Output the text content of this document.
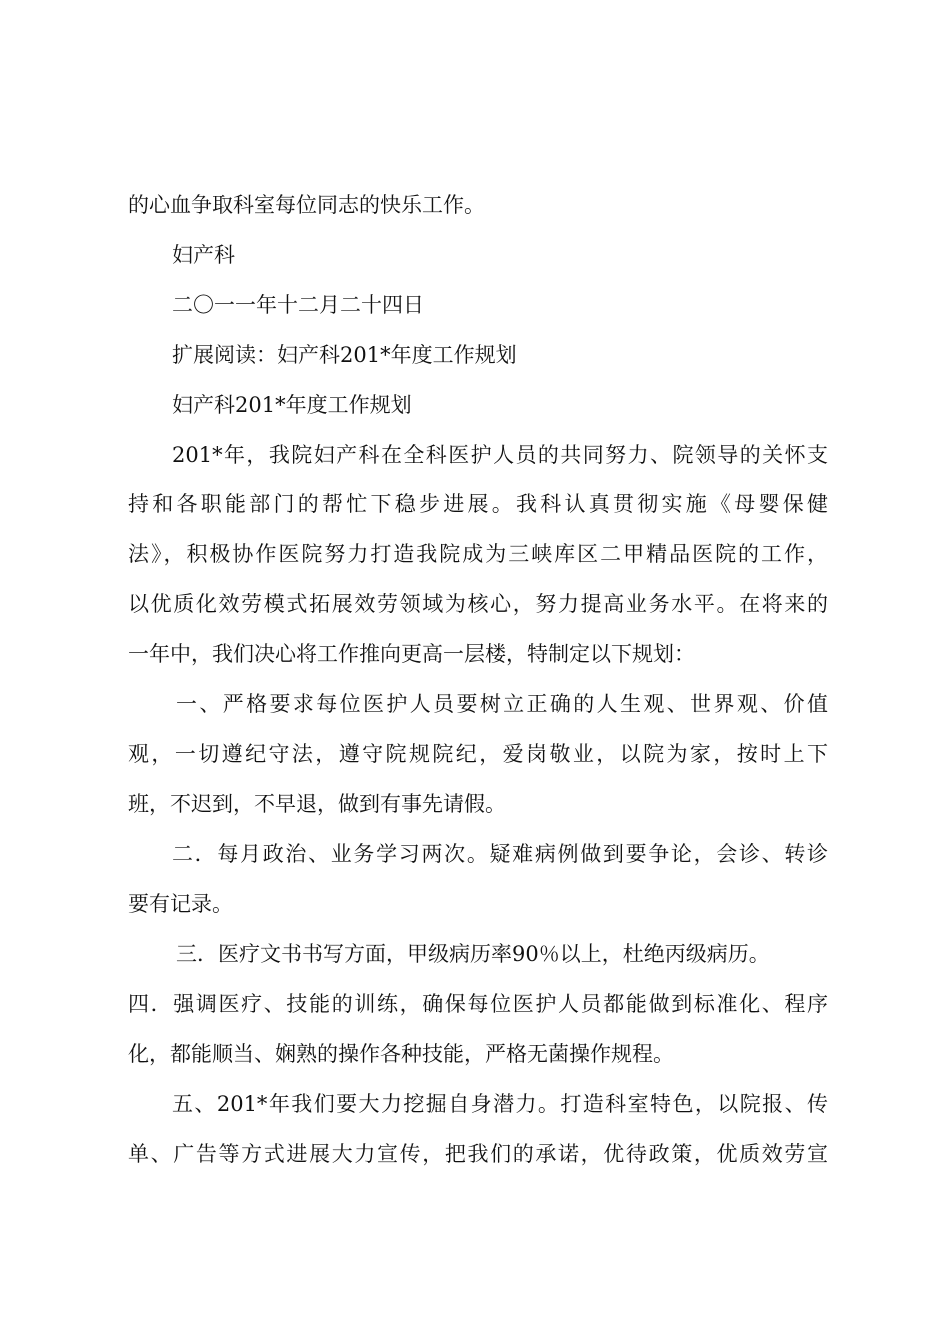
的心血争取科室每位同志的快乐工作。
妇产科
二〇一一年十二月二十四日
扩展阅读：妇产科201*年度工作规划
妇产科201*年度工作规划
201*年，我院妇产科在全科医护人员的共同努力、院领导的关怀支
持和各职能部门的帮忙下稳步进展。我科认真贯彻实施《母婴保健
法》，积极协作医院努力打造我院成为三峡库区二甲精品医院的工作，
以优质化效劳模式拓展效劳领域为核心，努力提高业务水平。在将来的
一年中，我们决心将工作推向更高一层楼，特制定以下规划：
一、严格要求每位医护人员要树立正确的人生观、世界观、价值
观，一切遵纪守法，遵守院规院纪，爱岗敬业，以院为家，按时上下
班，不迟到，不早退，做到有事先请假。
二．每月政治、业务学习两次。疑难病例做到要争论，会诊、转诊
要有记录。
三．医疗文书书写方面，甲级病历率90％以上，杜绝丙级病历。
四．强调医疗、技能的训练，确保每位医护人员都能做到标准化、程序
化，都能顺当、娴熟的操作各种技能，严格无菌操作规程。
五、201*年我们要大力挖掘自身潜力。打造科室特色，以院报、传
单、广告等方式进展大力宣传，把我们的承诺，优待政策，优质效劳宣
